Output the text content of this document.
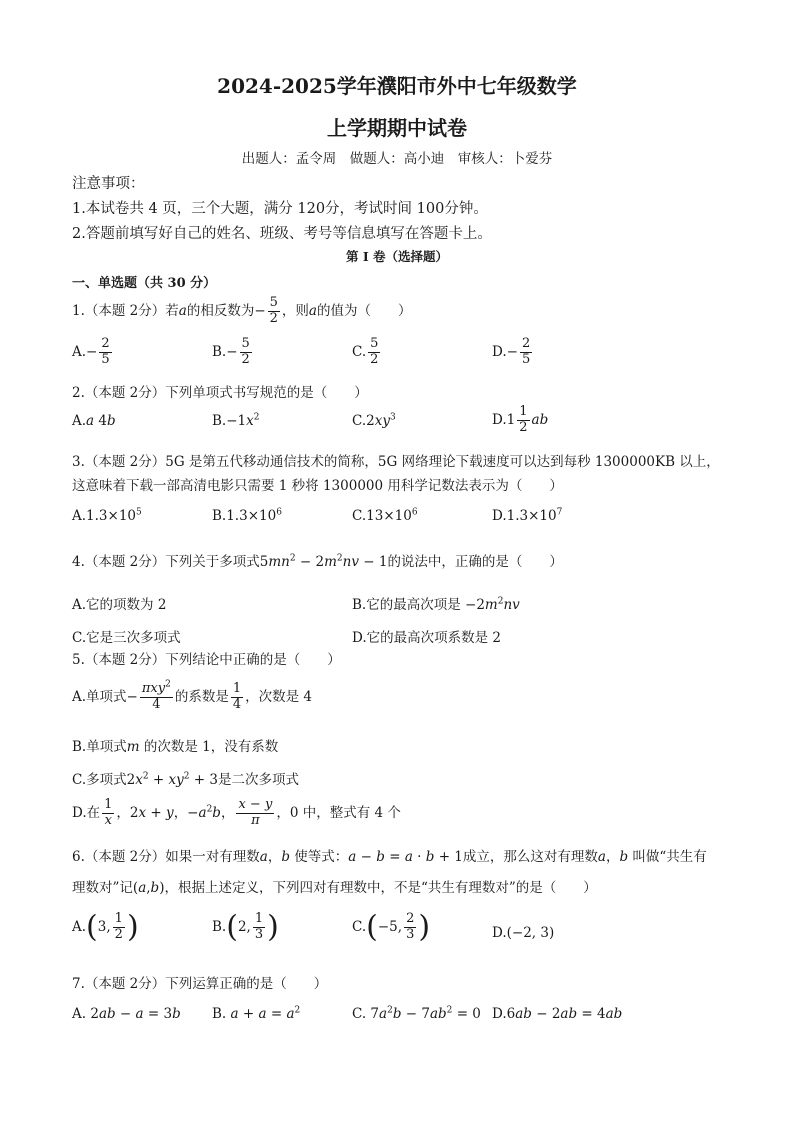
2024-2025学年濮阳市外中七年级数学
上学期期中试卷
出题人：孟令周　做题人：高小迪　审核人：卜爱芬
注意事项：
1.本试卷共 4 页，三个大题，满分 120分，考试时间 100分钟。
2.答题前填写好自己的姓名、班级、考号等信息填写在答题卡上。
第 I 卷（选择题）
一、单选题（共 30 分）
1.（本题 2分）若a的相反数为− $\frac{5}{2}$ ，则a的值为（　　）
$A.- \frac{2}{5}$	$B.- \frac{5}{2}$	C. $\frac{5}{2}$	$D.- \frac{2}{5}$
2.（本题 2分）下列单项式书写规范的是（　　）
A.a 4b	$B.-1x^2$	$C.2xy^3$	$D.1 \frac{1}{2}$ ab
3.（本题 2分）5G 是第五代移动通信技术的简称，5G 网络理论下载速度可以达到每秒 1300000KB 以上，
这意味着下载一部高清电影只需要 1 秒将 1300000 用科学记数法表示为（　　）
$A.1.3\times 10^5$	$B.1.3\times 10^6$	$C.13\times 10^6$	$D.1.3\times 10^7$
4.（本题 2分）下列关于多项式$5mn^2 - 2m^2nv - 1$的说法中，正确的是（　　）
A.它的项数为 2	B.它的最高次项是 $-2m^2nv$
C.它是三次多项式	D.它的最高次项系数是 2
5.（本题 2分）下列结论中正确的是（　　）
A.单项式− $\frac{\pi xy^2}{4}$ 的系数是 $\frac{1}{4}$ ，次数是 4
B.单项式m 的次数是 1，没有系数
C.多项式$2x^2 + xy^2 + 3$是二次多项式
D.在 $\frac{1}{x}$ ，2x + y，$-a^2b$， $\frac{x - y}{\pi}$ ，0 中，整式有 4 个
6.（本题 2分）如果一对有理数a，b 使等式：a − b = a · b + 1成立，那么这对有理数a，b 叫做“共生有
理数对”记(a,b)，根据上述定义，下列四对有理数中，不是“共生有理数对”的是（　　）
A.(3, $\frac{1}{2}$ )	B.(2, $\frac{1}{3}$ )	C.(−5, $\frac{2}{3}$ )	D.(−2, 3)
7.（本题 2分）下列运算正确的是（　　）
A. 2ab − a = 3b B. $a + a = a^2$	C. $7a^2b - 7ab^2 = 0$ D.6ab − 2ab = 4ab
